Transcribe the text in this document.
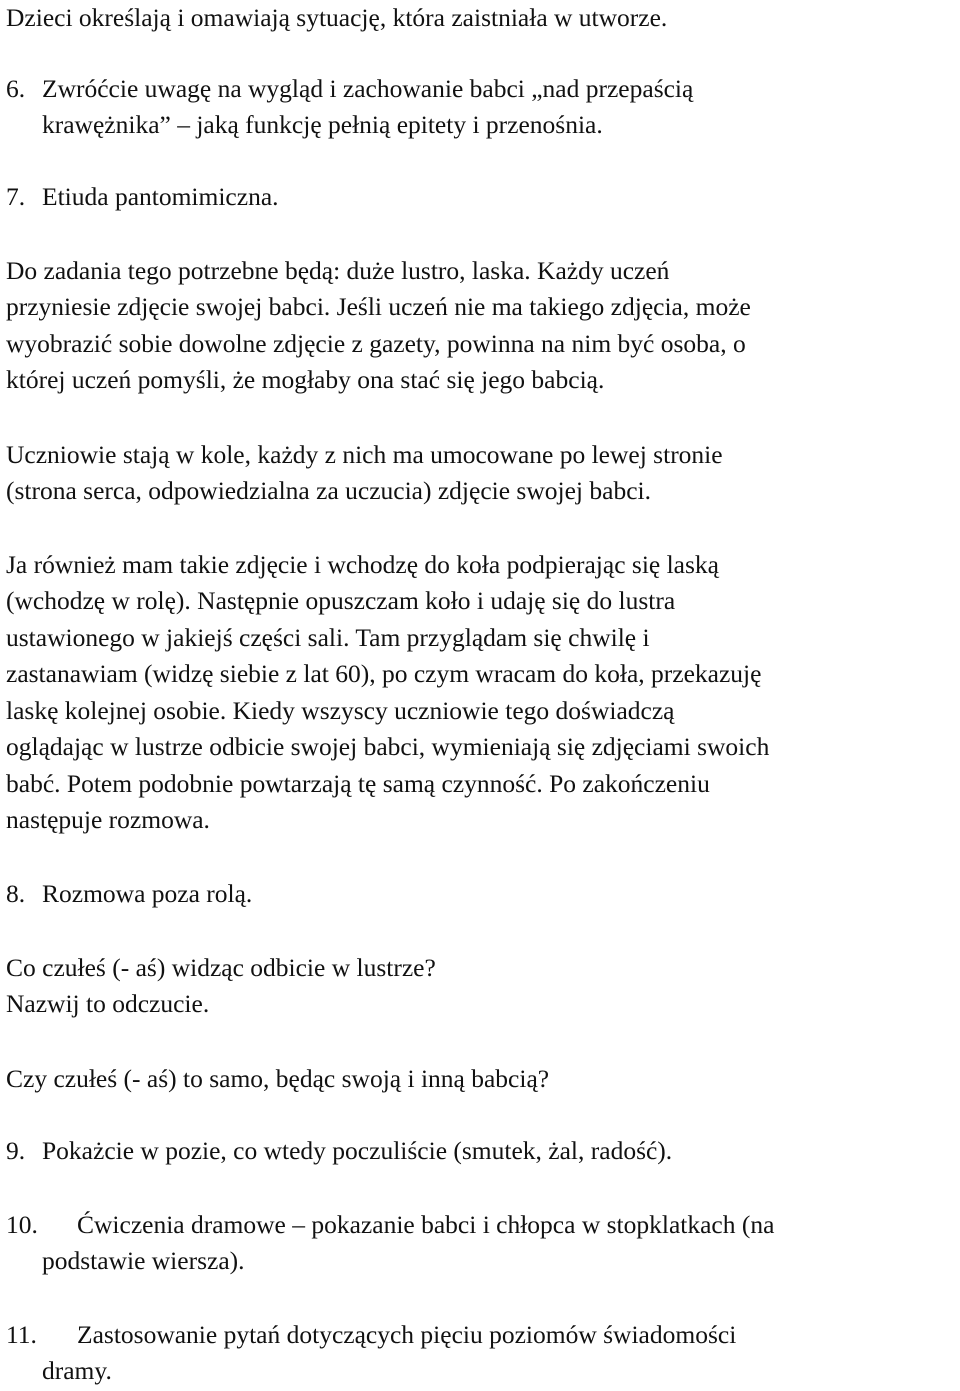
Dzieci określają i omawiają sytuację, która zaistniała w utworze.
6. Zwróćcie uwagę na wygląd i zachowanie babci „nad przepaścią
krawężnika” – jaką funkcję pełnią epitety i przenośnia.
7. Etiuda pantomimiczna.
Do zadania tego potrzebne będą: duże lustro, laska. Każdy uczeń
przyniesie zdjęcie swojej babci. Jeśli uczeń nie ma takiego zdjęcia, może
wyobrazić sobie dowolne zdjęcie z gazety, powinna na nim być osoba, o
której uczeń pomyśli, że mogłaby ona stać się jego babcią.
Uczniowie stają w kole, każdy z nich ma umocowane po lewej stronie
(strona serca, odpowiedzialna za uczucia) zdjęcie swojej babci.
Ja również mam takie zdjęcie i wchodzę do koła podpierając się laską
(wchodzę w rolę). Następnie opuszczam koło i udaję się do lustra
ustawionego w jakiejś części sali. Tam przyglądam się chwilę i
zastanawiam (widzę siebie z lat 60), po czym wracam do koła, przekazuję
laskę kolejnej osobie. Kiedy wszyscy uczniowie tego doświadczą
oglądając w lustrze odbicie swojej babci, wymieniają się zdjęciami swoich
babć. Potem podobnie powtarzają tę samą czynność. Po zakończeniu
następuje rozmowa.
8. Rozmowa poza rolą.
Co czułeś (- aś) widząc odbicie w lustrze?
Nazwij to odczucie.
Czy czułeś (- aś) to samo, będąc swoją i inną babcią?
9. Pokażcie w pozie, co wtedy poczuliście (smutek, żal, radość).
10. Ćwiczenia dramowe – pokazanie babci i chłopca w stopklatkach (na
podstawie wiersza).
11. Zastosowanie pytań dotyczących pięciu poziomów świadomości
dramy.
